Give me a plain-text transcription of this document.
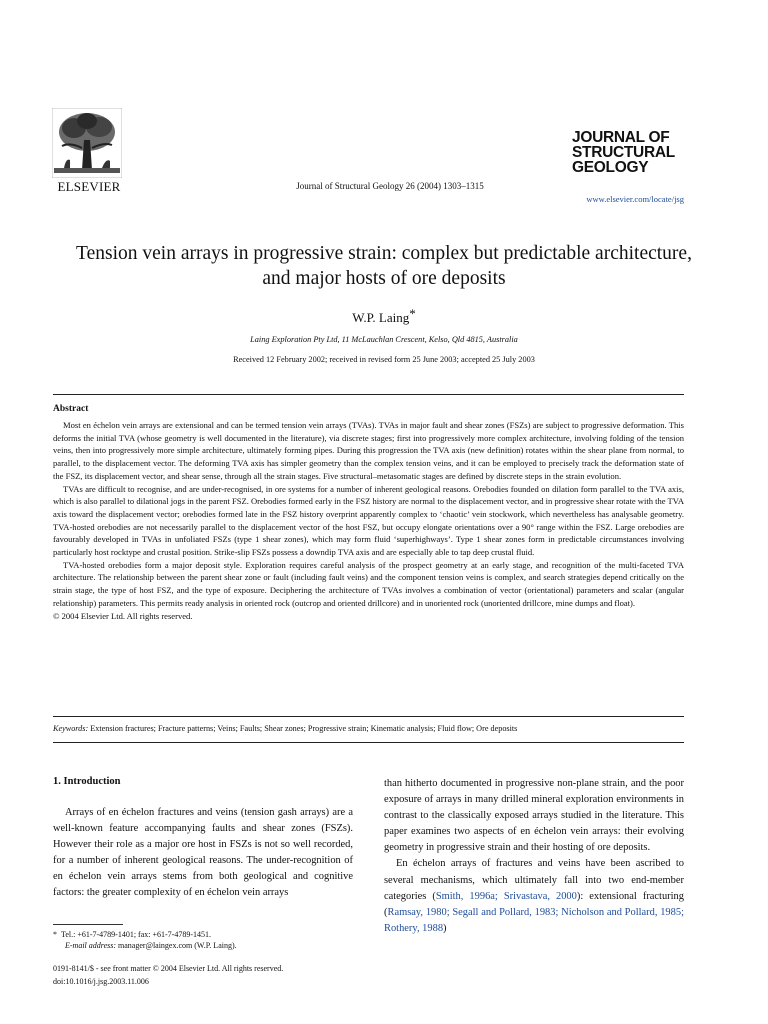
ELSEVIER	Journal of Structural Geology 26 (2004) 1303–1315
JOURNAL OF
STRUCTURAL
GEOLOGY
www.elsevier.com/locate/jsg
Tension vein arrays in progressive strain: complex but predictable architecture, and major hosts of ore deposits
W.P. Laing*
Laing Exploration Pty Ltd, 11 McLauchlan Crescent, Kelso, Qld 4815, Australia
Received 12 February 2002; received in revised form 25 June 2003; accepted 25 July 2003
Abstract

Most en échelon vein arrays are extensional and can be termed tension vein arrays (TVAs). TVAs in major fault and shear zones (FSZs) are subject to progressive deformation. This deforms the initial TVA (whose geometry is well documented in the literature), via discrete stages; first into progressively more complex architecture, involving folding of the tension veins, then into progressively more simple architecture, ultimately forming pipes. During this progression the TVA axis (new definition) rotates within the shear plane from normal, to parallel, to the displacement vector. The deforming TVA axis has simpler geometry than the complex tension veins, and it can be employed to precisely track the deformation state of the FSZ, its displacement vector, and shear sense, through all the strain stages. Five structural–metasomatic stages are defined by discrete steps in the strain evolution.

TVAs are difficult to recognise, and are under-recognised, in ore systems for a number of inherent geological reasons. Orebodies founded on dilation form parallel to the TVA axis, which is also parallel to dilational jogs in the parent FSZ. Orebodies formed early in the FSZ history are normal to the displacement vector, and in progressive shear rotate with the TVA axis toward the displacement vector; orebodies formed late in the FSZ history overprint apparently complex to ‘chaotic’ vein stockwork, which nevertheless has analysable geometry. TVA-hosted orebodies are not necessarily parallel to the displacement vector of the host FSZ, but occupy elongate orientations over a 90° range within the FSZ. Large orebodies are favourably developed in TVAs in unfoliated FSZs (type 1 shear zones), which may form fluid ‘superhighways’. Type 1 shear zones form in predictable circumstances involving particularly host rocktype and crustal position. Strike-slip FSZs possess a downdip TVA axis and are especially able to tap deep crustal fluid.

TVA-hosted orebodies form a major deposit style. Exploration requires careful analysis of the prospect geometry at an early stage, and recognition of the multi-faceted TVA architecture. The relationship between the parent shear zone or fault (including fault veins) and the component tension veins is complex, and search strategies depend critically on the strain stage, the type of host FSZ, and the type of exposure. Deciphering the architecture of TVAs involves a combination of vector (orientational) parameters and scalar (angular relationship) parameters. This permits ready analysis in oriented rock (outcrop and oriented drillcore) and in unoriented rock (unoriented drillcore, mine dumps and float).

© 2004 Elsevier Ltd. All rights reserved.

Keywords: Extension fractures; Fracture patterns; Veins; Faults; Shear zones; Progressive strain; Kinematic analysis; Fluid flow; Ore deposits
1. Introduction

Arrays of en échelon fractures and veins (tension gash arrays) are a well-known feature accompanying faults and shear zones (FSZs). However their role as a major ore host in FSZs is not so well recorded, for a number of inherent geological reasons. The under-recognition of en échelon vein arrays stems from both geological and cognitive factors: the greater complexity of en échelon vein arrays

than hitherto documented in progressive non-plane strain, and the poor exposure of arrays in many drilled mineral exploration environments in contrast to the classically exposed arrays studied in the literature. This paper examines two aspects of en échelon vein arrays: their evolving geometry in progressive strain and their hosting of ore deposits.

En échelon arrays of fractures and veins have been ascribed to several mechanisms, which ultimately fall into two end-member categories (Smith, 1996a; Srivastava, 2000): extensional fracturing (Ramsay, 1980; Segall and Pollard, 1983; Nicholson and Pollard, 1985; Rothery, 1988)

* Tel.: +61-7-4789-1401; fax: +61-7-4789-1451.
E-mail address: manager@laingex.com (W.P. Laing).
0191-8141/$ - see front matter © 2004 Elsevier Ltd. All rights reserved.
doi:10.1016/j.jsg.2003.11.006
